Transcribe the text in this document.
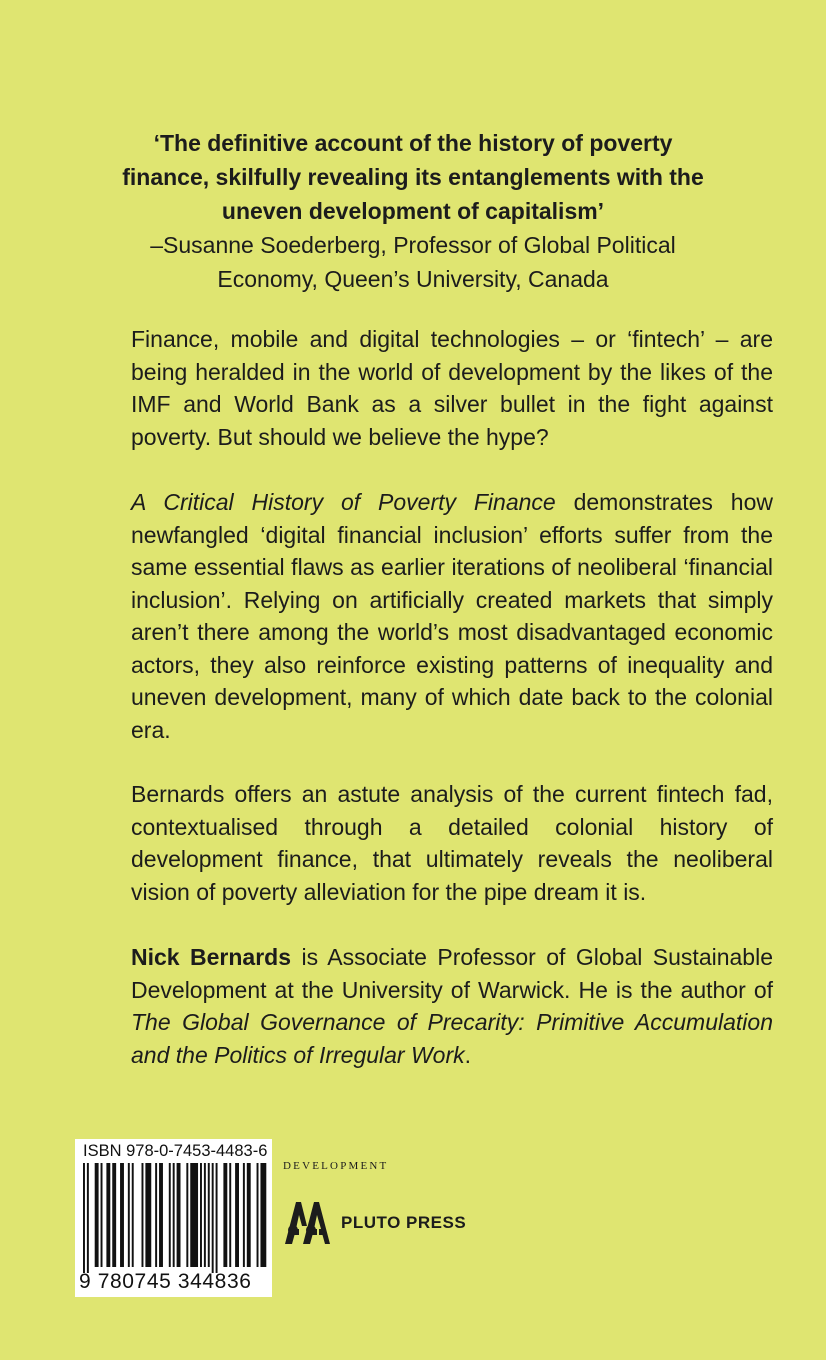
‘The definitive account of the history of poverty finance, skilfully revealing its entanglements with the uneven development of capitalism’
–Susanne Soederberg, Professor of Global Political Economy, Queen’s University, Canada

Finance, mobile and digital technologies – or ‘fintech’ – are being heralded in the world of development by the likes of the IMF and World Bank as a silver bullet in the fight against poverty. But should we believe the hype?

A Critical History of Poverty Finance demonstrates how newfangled ‘digital financial inclusion’ efforts suffer from the same essential flaws as earlier iterations of neoliberal ‘financial inclusion’. Relying on artificially created markets that simply aren’t there among the world’s most disadvantaged economic actors, they also reinforce existing patterns of inequality and uneven development, many of which date back to the colonial era.

Bernards offers an astute analysis of the current fintech fad, contextualised through a detailed colonial history of development finance, that ultimately reveals the neoliberal vision of poverty alleviation for the pipe dream it is.

Nick Bernards is Associate Professor of Global Sustainable Development at the University of Warwick. He is the author of The Global Governance of Precarity: Primitive Accumulation and the Politics of Irregular Work.

ISBN 978-0-7453-4483-6
9 780745 344836
DEVELOPMENT
PLUTO PRESS
